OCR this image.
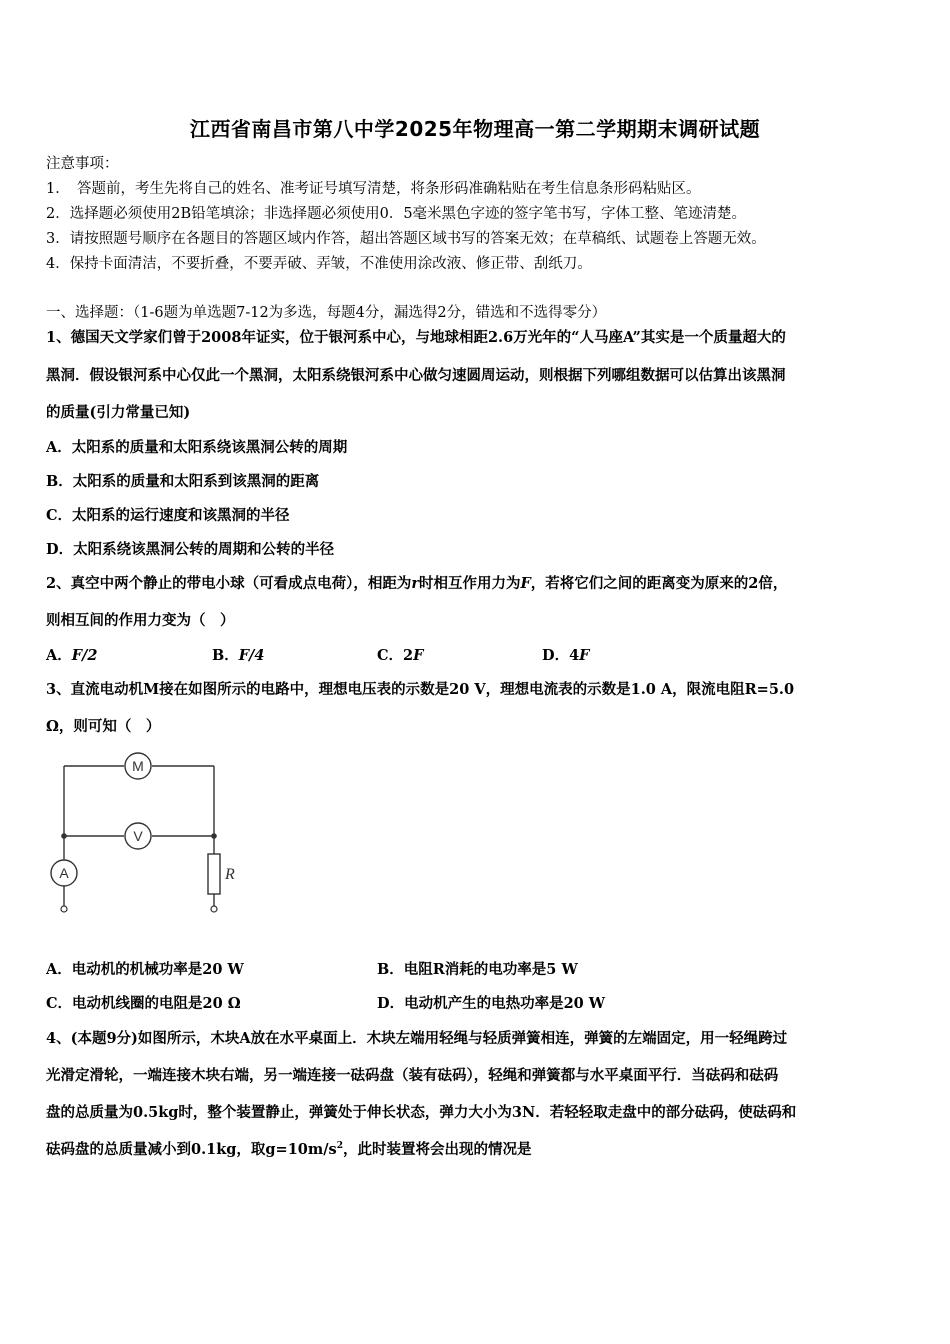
江西省南昌市第八中学2025年物理高一第二学期期末调研试题
注意事项：
1．　答题前，考生先将自己的姓名、准考证号填写清楚，将条形码准确粘贴在考生信息条形码粘贴区。
2．选择题必须使用2B铅笔填涂；非选择题必须使用0．5毫米黑色字迹的签字笔书写，字体工整、笔迹清楚。
3．请按照题号顺序在各题目的答题区域内作答，超出答题区域书写的答案无效；在草稿纸、试题卷上答题无效。
4．保持卡面清洁，不要折叠，不要弄破、弄皱，不准使用涂改液、修正带、刮纸刀。
一、选择题：（1-6题为单选题7-12为多选，每题4分，漏选得2分，错选和不选得零分）
1、德国天文学家们曾于2008年证实，位于银河系中心，与地球相距2.6万光年的“人马座A”其实是一个质量超大的
黑洞．假设银河系中心仅此一个黑洞，太阳系绕银河系中心做匀速圆周运动，则根据下列哪组数据可以估算出该黑洞
的质量(引力常量已知)
A．太阳系的质量和太阳系绕该黑洞公转的周期
B．太阳系的质量和太阳系到该黑洞的距离
C．太阳系的运行速度和该黑洞的半径
D．太阳系绕该黑洞公转的周期和公转的半径
2、真空中两个静止的带电小球（可看成点电荷），相距为r时相互作用力为F，若将它们之间的距离变为原来的2倍，
则相互间的作用力变为（　）
A．F/2	B．F/4	C．2F	D．4F
3、直流电动机M接在如图所示的电路中，理想电压表的示数是20 V，理想电流表的示数是1.0 A，限流电阻R=5.0
Ω，则可知（　）
M
V
A	R
A．电动机的机械功率是20 W	B．电阻R消耗的电功率是5 W
C．电动机线圈的电阻是20 Ω	D．电动机产生的电热功率是20 W
4、(本题9分)如图所示，木块A放在水平桌面上．木块左端用轻绳与轻质弹簧相连，弹簧的左端固定，用一轻绳跨过
光滑定滑轮，一端连接木块右端，另一端连接一砝码盘（装有砝码），轻绳和弹簧都与水平桌面平行．当砝码和砝码
盘的总质量为0.5kg时，整个装置静止，弹簧处于伸长状态，弹力大小为3N．若轻轻取走盘中的部分砝码，使砝码和
砝码盘的总质量减小到0.1kg，取$g=10m/s^2$，此时装置将会出现的情况是
